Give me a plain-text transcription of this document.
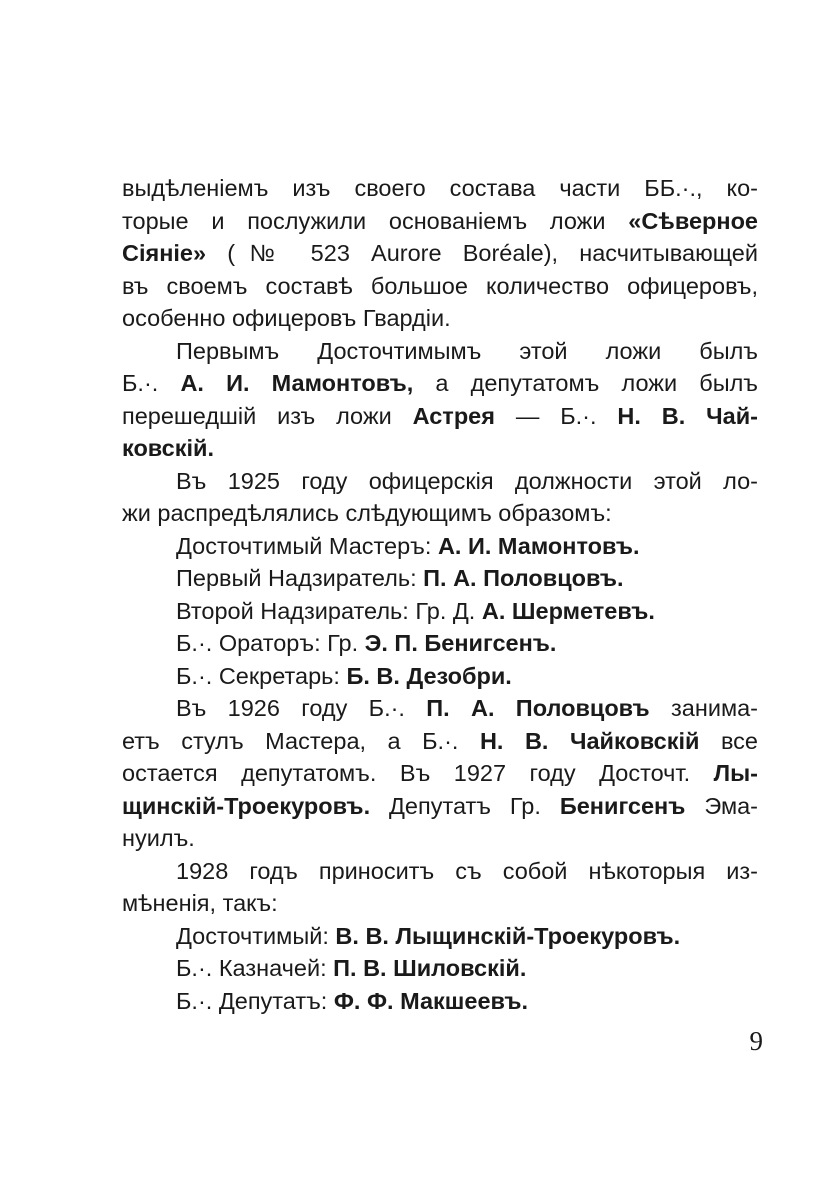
выдѣленіемъ изъ своего состава части ББ.·., ко-
торые и послужили основаніемъ ложи «Сѣверное
Сіяніе» (№ 523 Aurore Boréale), насчитывающей
въ своемъ составѣ большое количество офицеровъ,
особенно офицеровъ Гвардіи.
Первымъ Досточтимымъ этой ложи былъ
Б.·. А. И. Мамонтовъ, а депутатомъ ложи былъ
перешедшій изъ ложи Астрея — Б.·. Н. В. Чай-
ковскій.
Въ 1925 году офицерскія должности этой ло-
жи распредѣлялись слѣдующимъ образомъ:
Досточтимый Мастеръ: А. И. Мамонтовъ.
Первый Надзиратель: П. А. Половцовъ.
Второй Надзиратель: Гр. Д. А. Шерметевъ.
Б.·. Ораторъ: Гр. Э. П. Бенигсенъ.
Б.·. Секретарь: Б. В. Дезобри.
Въ 1926 году Б.·. П. А. Половцовъ занима-
етъ стулъ Мастера, а Б.·. Н. В. Чайковскій все
остается депутатомъ. Въ 1927 году Досточт. Лы-
щинскій-Троекуровъ. Депутатъ Гр. Бенигсенъ Эма-
нуилъ.
1928 годъ приноситъ съ собой нѣкоторыя из-
мѣненія, такъ:
Досточтимый: В. В. Лыщинскій-Троекуровъ.
Б.·. Казначей: П. В. Шиловскій.
Б.·. Депутатъ: Ф. Ф. Макшеевъ.
9
